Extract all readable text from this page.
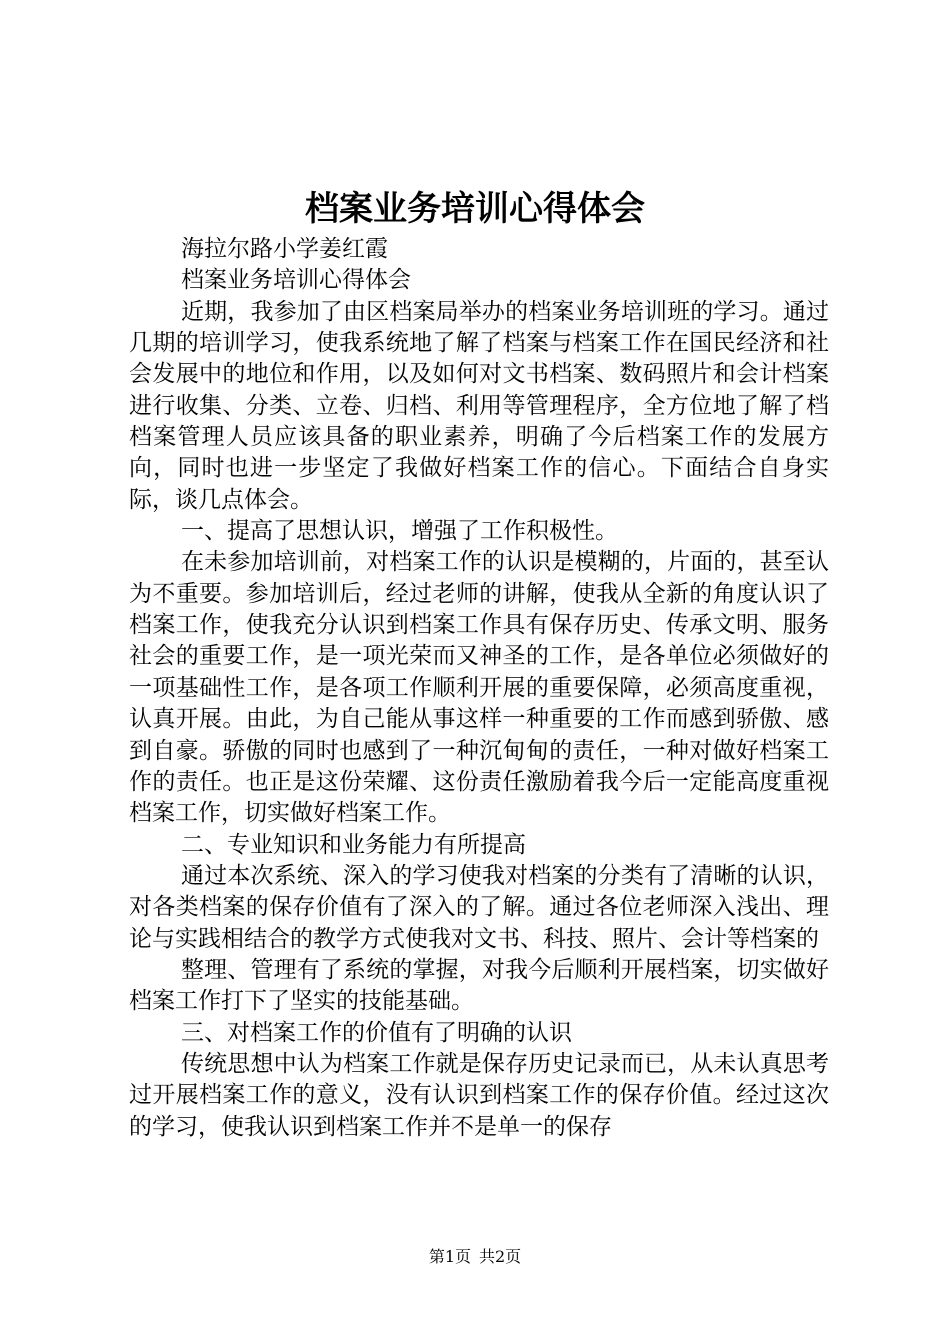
档案业务培训心得体会

海拉尔路小学姜红霞

档案业务培训心得体会

近期，我参加了由区档案局举办的档案业务培训班的学习。通过几期的培训学习，使我系统地了解了档案与档案工作在国民经济和社会发展中的地位和作用，以及如何对文书档案、数码照片和会计档案进行收集、分类、立卷、归档、利用等管理程序，全方位地了解了档档案管理人员应该具备的职业素养，明确了今后档案工作的发展方向，同时也进一步坚定了我做好档案工作的信心。下面结合自身实际，谈几点体会。

一、提高了思想认识，增强了工作积极性。

在未参加培训前，对档案工作的认识是模糊的，片面的，甚至认为不重要。参加培训后，经过老师的讲解，使我从全新的角度认识了档案工作，使我充分认识到档案工作具有保存历史、传承文明、服务社会的重要工作，是一项光荣而又神圣的工作，是各单位必须做好的一项基础性工作，是各项工作顺利开展的重要保障，必须高度重视，认真开展。由此，为自己能从事这样一种重要的工作而感到骄傲、感到自豪。骄傲的同时也感到了一种沉甸甸的责任，一种对做好档案工作的责任。也正是这份荣耀、这份责任激励着我今后一定能高度重视档案工作，切实做好档案工作。

二、专业知识和业务能力有所提高

通过本次系统、深入的学习使我对档案的分类有了清晰的认识，对各类档案的保存价值有了深入的了解。通过各位老师深入浅出、理论与实践相结合的教学方式使我对文书、科技、照片、会计等档案的

整理、管理有了系统的掌握，对我今后顺利开展档案，切实做好档案工作打下了坚实的技能基础。

三、对档案工作的价值有了明确的认识

传统思想中认为档案工作就是保存历史记录而已，从未认真思考过开展档案工作的意义，没有认识到档案工作的保存价值。经过这次的学习，使我认识到档案工作并不是单一的保存

第1页 共2页
